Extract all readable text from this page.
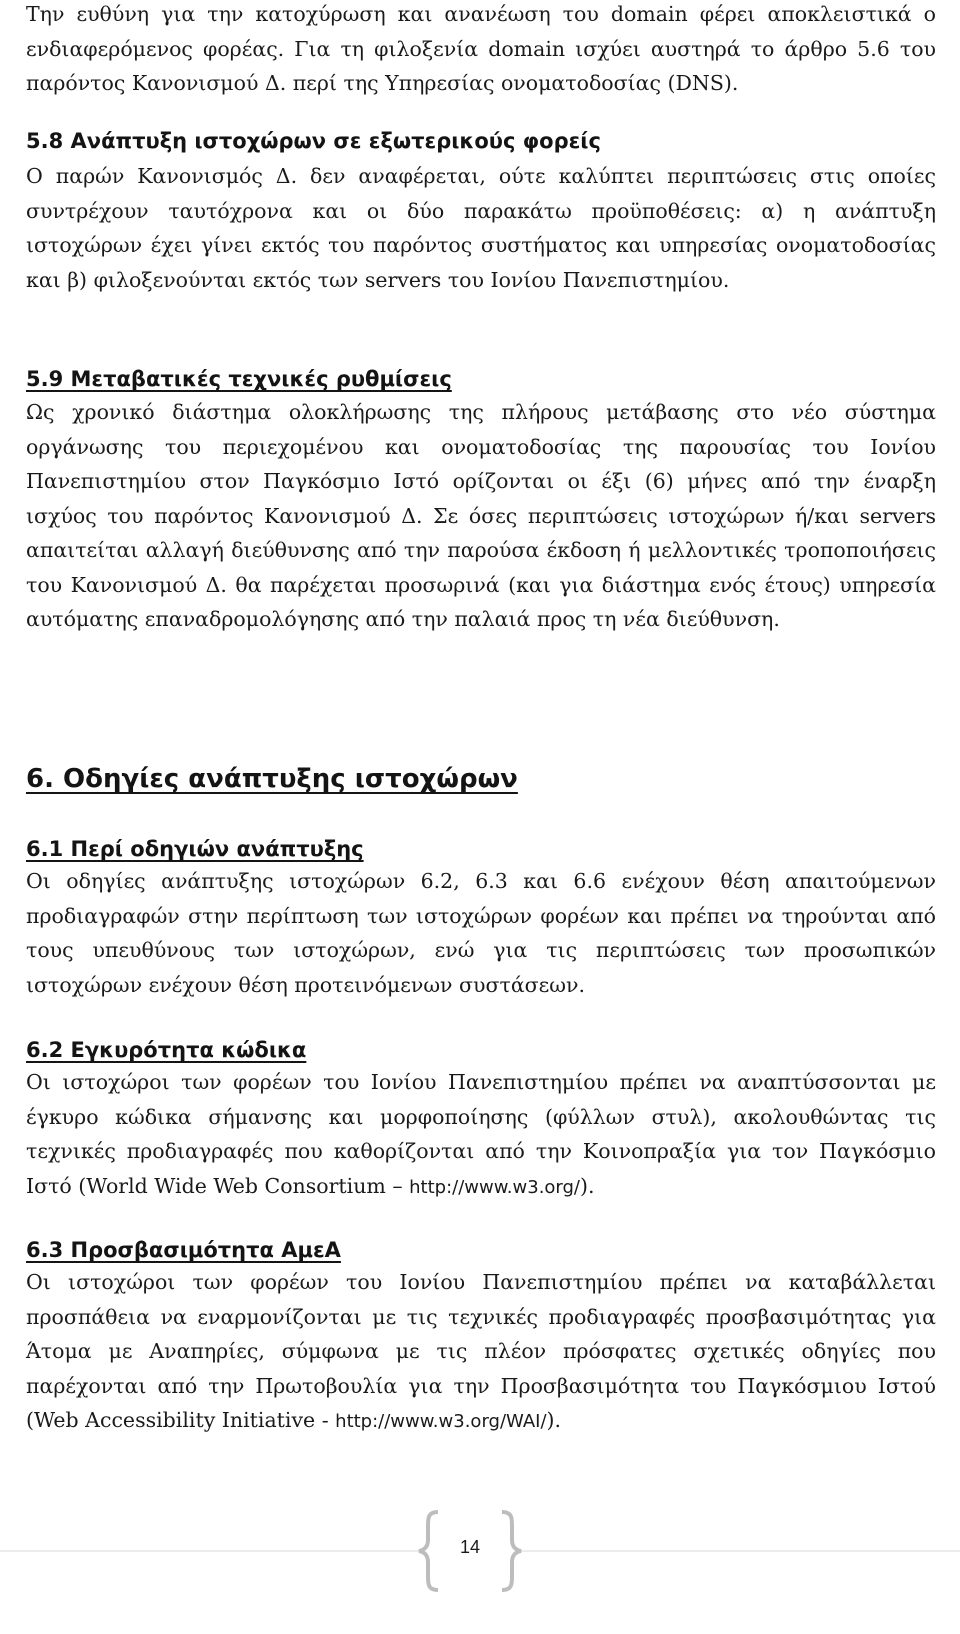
Την ευθύνη για την κατοχύρωση και ανανέωση του domain φέρει αποκλειστικά ο ενδιαφερόμενος φορέας. Για τη φιλοξενία domain ισχύει αυστηρά το άρθρο 5.6 του παρόντος Κανονισμού Δ. περί της Υπηρεσίας ονοματοδοσίας (DNS).

5.8 Ανάπτυξη ιστοχώρων σε εξωτερικούς φορείς

Ο παρών Κανονισμός Δ. δεν αναφέρεται, ούτε καλύπτει περιπτώσεις στις οποίες συντρέχουν ταυτόχρονα και οι δύο παρακάτω προϋποθέσεις: α) η ανάπτυξη ιστοχώρων έχει γίνει εκτός του παρόντος συστήματος και υπηρεσίας ονοματοδοσίας και β) φιλοξενούνται εκτός των servers του Ιονίου Πανεπιστημίου.

5.9 Μεταβατικές τεχνικές ρυθμίσεις

Ως χρονικό διάστημα ολοκλήρωσης της πλήρους μετάβασης στο νέο σύστημα οργάνωσης του περιεχομένου και ονοματοδοσίας της παρουσίας του Ιονίου Πανεπιστημίου στον Παγκόσμιο Ιστό ορίζονται οι έξι (6) μήνες από την έναρξη ισχύος του παρόντος Κανονισμού Δ. Σε όσες περιπτώσεις ιστοχώρων ή/και servers απαιτείται αλλαγή διεύθυνσης από την παρούσα έκδοση ή μελλοντικές τροποποιήσεις του Κανονισμού Δ. θα παρέχεται προσωρινά (και για διάστημα ενός έτους) υπηρεσία αυτόματης επαναδρομολόγησης από την παλαιά προς τη νέα διεύθυνση.

6. Οδηγίες ανάπτυξης ιστοχώρων
6.1 Περί οδηγιών ανάπτυξης

Οι οδηγίες ανάπτυξης ιστοχώρων 6.2, 6.3 και 6.6 ενέχουν θέση απαιτούμενων προδιαγραφών στην περίπτωση των ιστοχώρων φορέων και πρέπει να τηρούνται από τους υπευθύνους των ιστοχώρων, ενώ για τις περιπτώσεις των προσωπικών ιστοχώρων ενέχουν θέση προτεινόμενων συστάσεων.

6.2 Εγκυρότητα κώδικα

Οι ιστοχώροι των φορέων του Ιονίου Πανεπιστημίου πρέπει να αναπτύσσονται με έγκυρο κώδικα σήμανσης και μορφοποίησης (φύλλων στυλ), ακολουθώντας τις τεχνικές προδιαγραφές που καθορίζονται από την Κοινοπραξία για τον Παγκόσμιο Ιστό (World Wide Web Consortium – http://www.w3.org/).

6.3 Προσβασιμότητα ΑμεΑ

Οι ιστοχώροι των φορέων του Ιονίου Πανεπιστημίου πρέπει να καταβάλλεται προσπάθεια να εναρμονίζονται με τις τεχνικές προδιαγραφές προσβασιμότητας για Άτομα με Αναπηρίες, σύμφωνα με τις πλέον πρόσφατες σχετικές οδηγίες που παρέχονται από την Πρωτοβουλία για την Προσβασιμότητα του Παγκόσμιου Ιστού (Web Accessibility Initiative - http://www.w3.org/WAI/).

14
